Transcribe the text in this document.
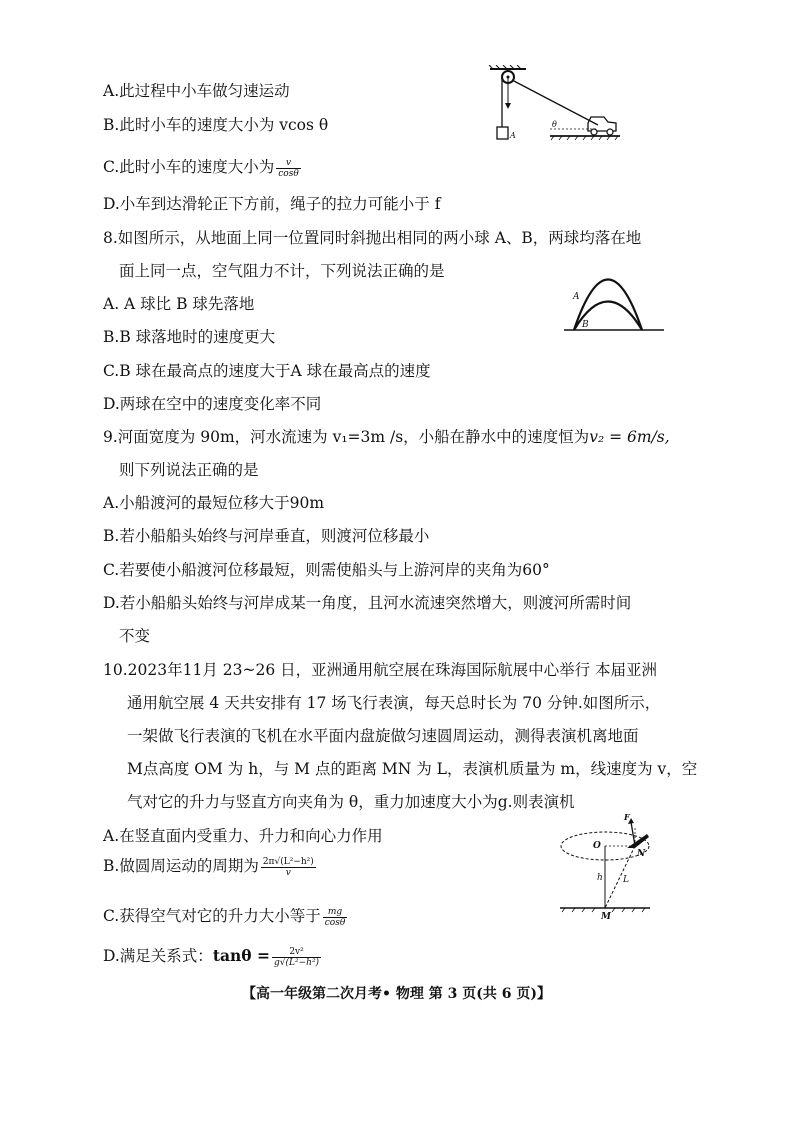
A.此过程中小车做匀速运动
B.此时小车的速度大小为 vcos θ
C.此时小车的速度大小为 $\frac{v}{\cos\theta}$
D.小车到达滑轮正下方前，绳子的拉力可能小于 f
A
θ
8.如图所示，从地面上同一位置同时斜抛出相同的两小球 A、B，两球均落在地
面上同一点，空气阻力不计，下列说法正确的是
A. A 球比 B 球先落地
B.B 球落地时的速度更大
C.B 球在最高点的速度大于A 球在最高点的速度
D.两球在空中的速度变化率不同
A
B
9.河面宽度为 90m，河水流速为 v₁=3m /s，小船在静水中的速度恒为v₂ = 6m/s,
则下列说法正确的是
A.小船渡河的最短位移大于90m
B.若小船船头始终与河岸垂直，则渡河位移最小
C.若要使小船渡河位移最短，则需使船头与上游河岸的夹角为60°
D.若小船船头始终与河岸成某一角度，且河水流速突然增大，则渡河所需时间
不变
10.2023年11月 23~26 日，亚洲通用航空展在珠海国际航展中心举行 本届亚洲
通用航空展 4 天共安排有 17 场飞行表演，每天总时长为 70 分钟.如图所示，
一架做飞行表演的飞机在水平面内盘旋做匀速圆周运动，测得表演机离地面
M点高度 OM 为 h，与 M 点的距离 MN 为 L，表演机质量为 m，线速度为 v，空
气对它的升力与竖直方向夹角为 θ，重力加速度大小为g.则表演机
A.在竖直面内受重力、升力和向心力作用
B.做圆周运动的周期为 $\frac{\text{2π√(L²−h²)}}{v}$
C.获得空气对它的升力大小等于 $\frac{mg}{\cos\theta}$
D.满足关系式：$\tan\theta = \frac{\text{2v²}}{\text{g√(L²−h²)}}$
F
O
N
h L
M
【高一年级第二次月考• 物理 第 3 页(共 6 页)】
